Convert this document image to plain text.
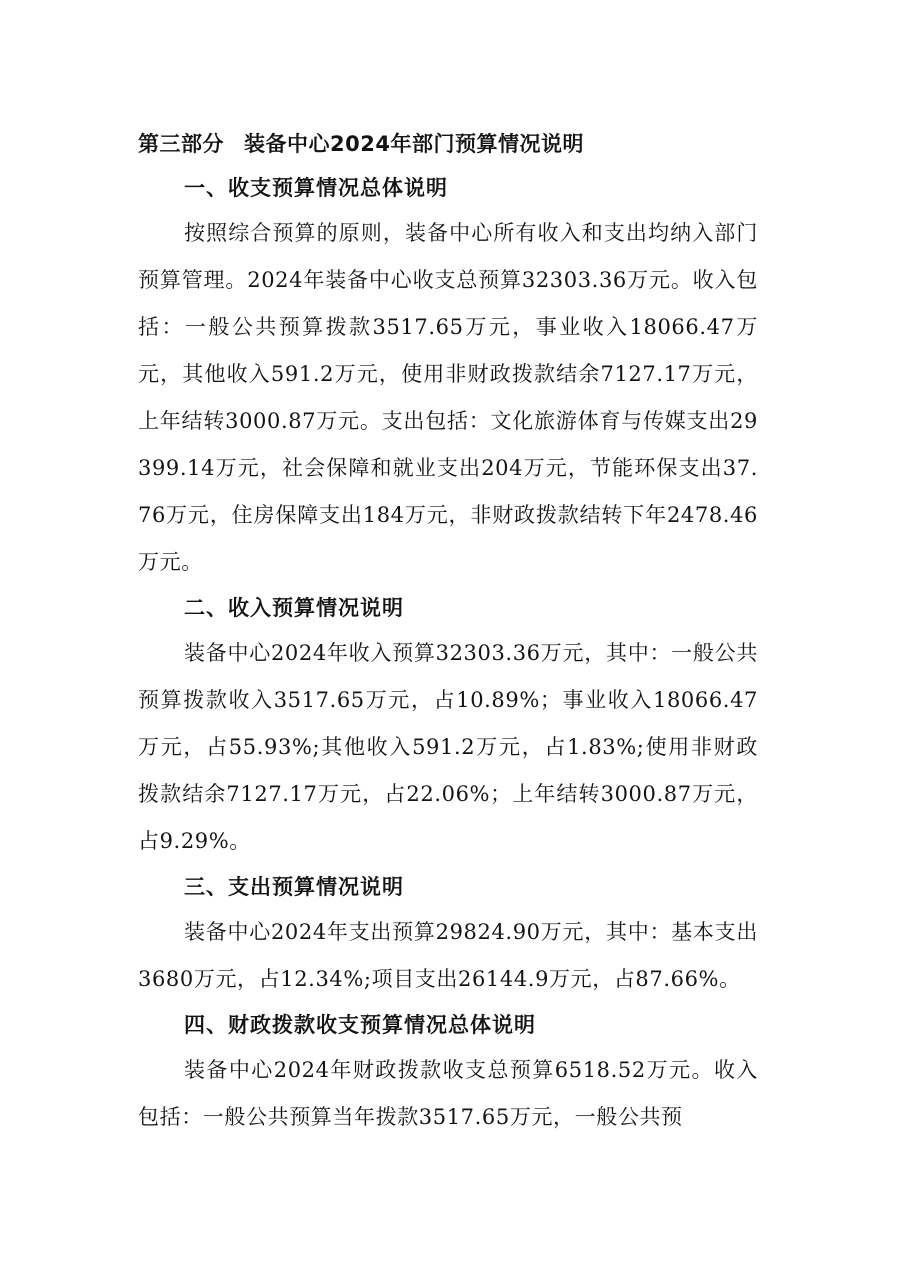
第三部分 装备中心2024年部门预算情况说明
一、收支预算情况总体说明

按照综合预算的原则，装备中心所有收入和支出均纳入部门预算管理。2024年装备中心收支总预算32303.36万元。收入包括：一般公共预算拨款3517.65万元，事业收入18066.47万元，其他收入591.2万元，使用非财政拨款结余7127.17万元，上年结转3000.87万元。支出包括：文化旅游体育与传媒支出29399.14万元，社会保障和就业支出204万元，节能环保支出37.76万元，住房保障支出184万元，非财政拨款结转下年2478.46万元。

二、收入预算情况说明

装备中心2024年收入预算32303.36万元，其中：一般公共预算拨款收入3517.65万元，占10.89%；事业收入18066.47万元，占55.93%;其他收入591.2万元，占1.83%;使用非财政拨款结余7127.17万元，占22.06%；上年结转3000.87万元，占9.29%。

三、支出预算情况说明

装备中心2024年支出预算29824.90万元，其中：基本支出3680万元，占12.34%;项目支出26144.9万元，占87.66%。

四、财政拨款收支预算情况总体说明

装备中心2024年财政拨款收支总预算6518.52万元。收入包括：一般公共预算当年拨款3517.65万元，一般公共预
